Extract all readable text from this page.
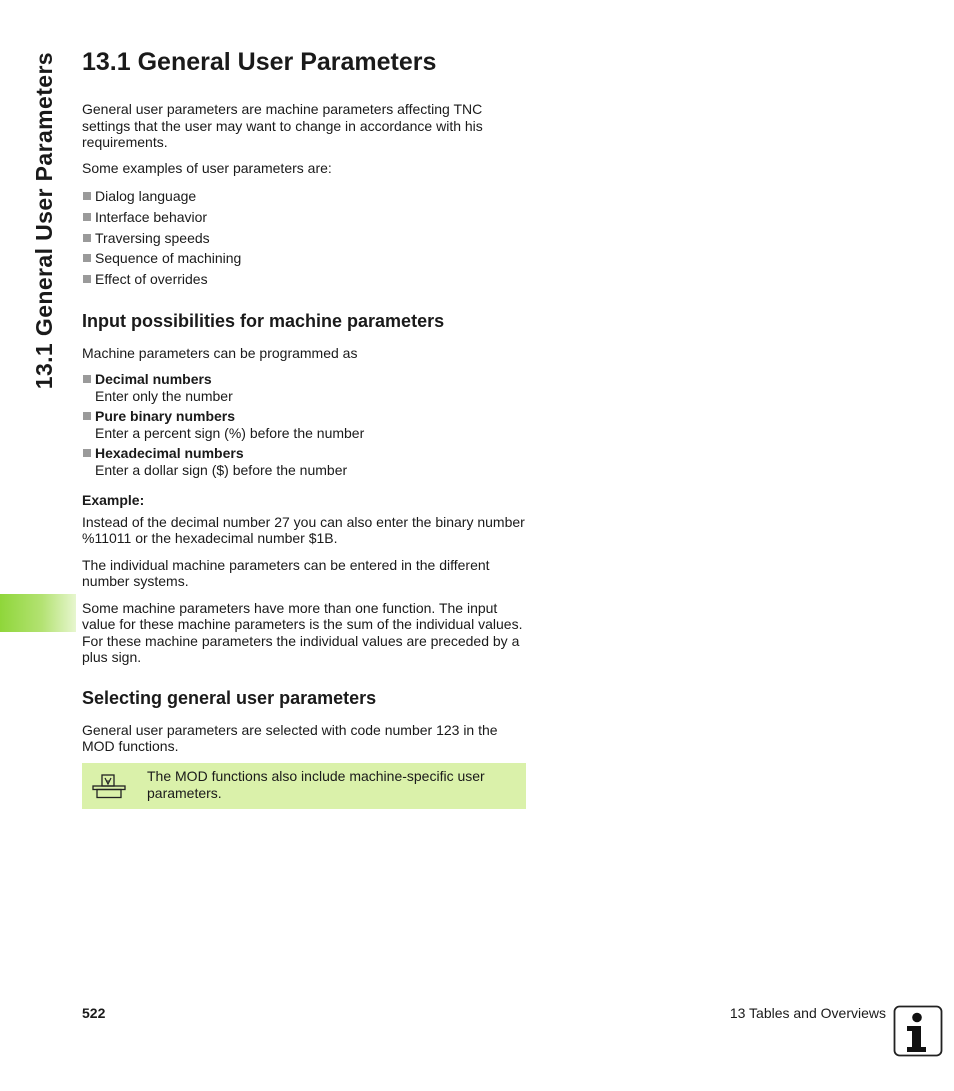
13.1 General User Parameters 13.1 General User Parameters

General user parameters are machine parameters affecting TNC settings that the user may want to change in accordance with his requirements.

Some examples of user parameters are:

Dialog language
Interface behavior
Traversing speeds
Sequence of machining
Effect of overrides
Input possibilities for machine parameters

Machine parameters can be programmed as

Decimal numbers
Enter only the number
Pure binary numbers
Enter a percent sign (%) before the number
Hexadecimal numbers
Enter a dollar sign ($) before the number

Example:

Instead of the decimal number 27 you can also enter the binary number %11011 or the hexadecimal number $1B.

The individual machine parameters can be entered in the different number systems.

Some machine parameters have more than one function. The input value for these machine parameters is the sum of the individual values. For these machine parameters the individual values are preceded by a plus sign.

Selecting general user parameters

General user parameters are selected with code number 123 in the MOD functions.

The MOD functions also include machine-specific user parameters.
522	13 Tables and Overviews
